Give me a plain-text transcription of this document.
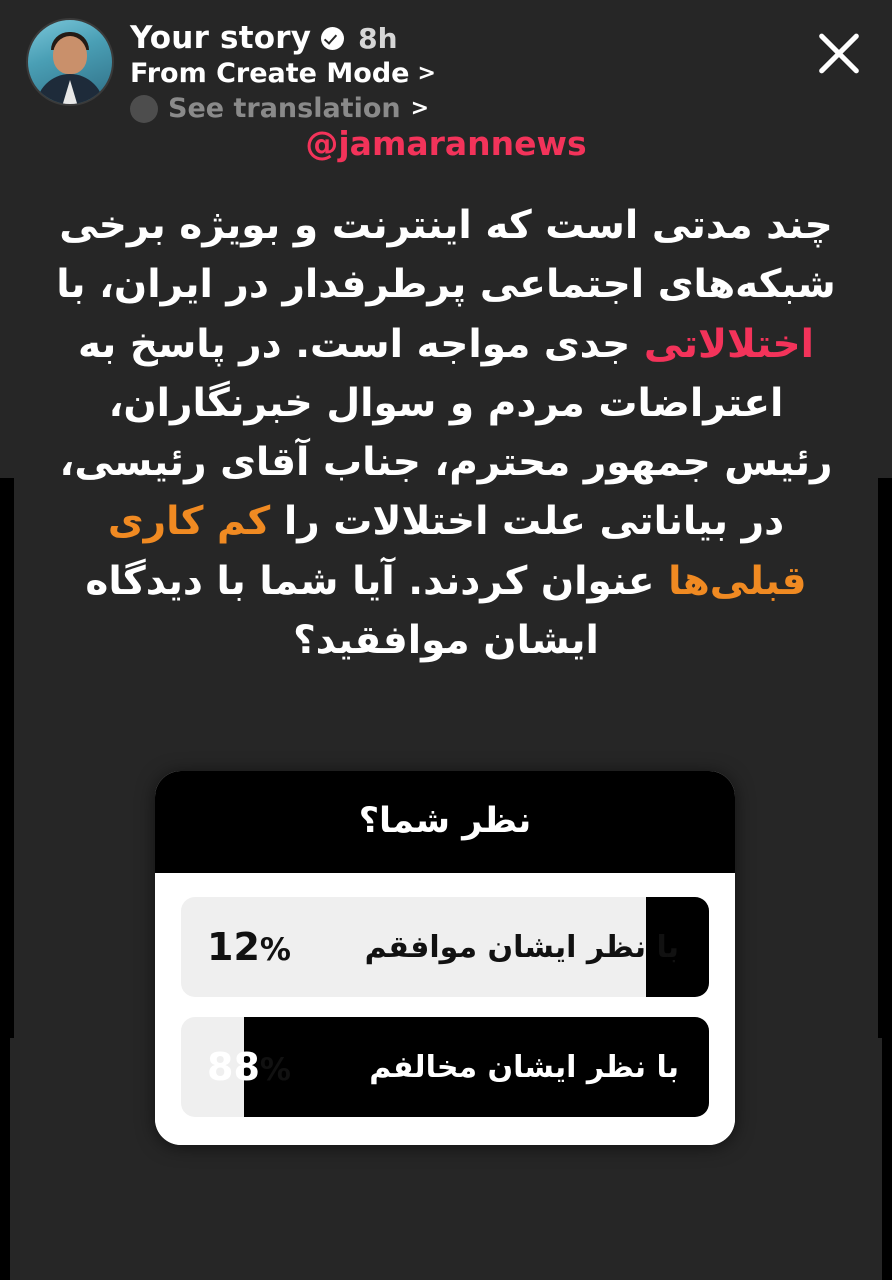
Your story 8h
From Create Mode >
See translation >
@jamarannews
چند مدتی است که اینترنت و بویژه برخی شبکه‌های اجتماعی پرطرفدار در ایران، با اختلالاتی جدی مواجه است. در پاسخ به اعتراضات مردم و سوال خبرنگاران، رئیس جمهور محترم، جناب آقای رئیسی، در بیاناتی علت اختلالات را کم کاری قبلی‌ها عنوان کردند. آیا شما با دیدگاه ایشان موافقید؟
نظر شما؟
با نظر ایشان موافقم
12%
با نظر ایشان مخالفم
88%
